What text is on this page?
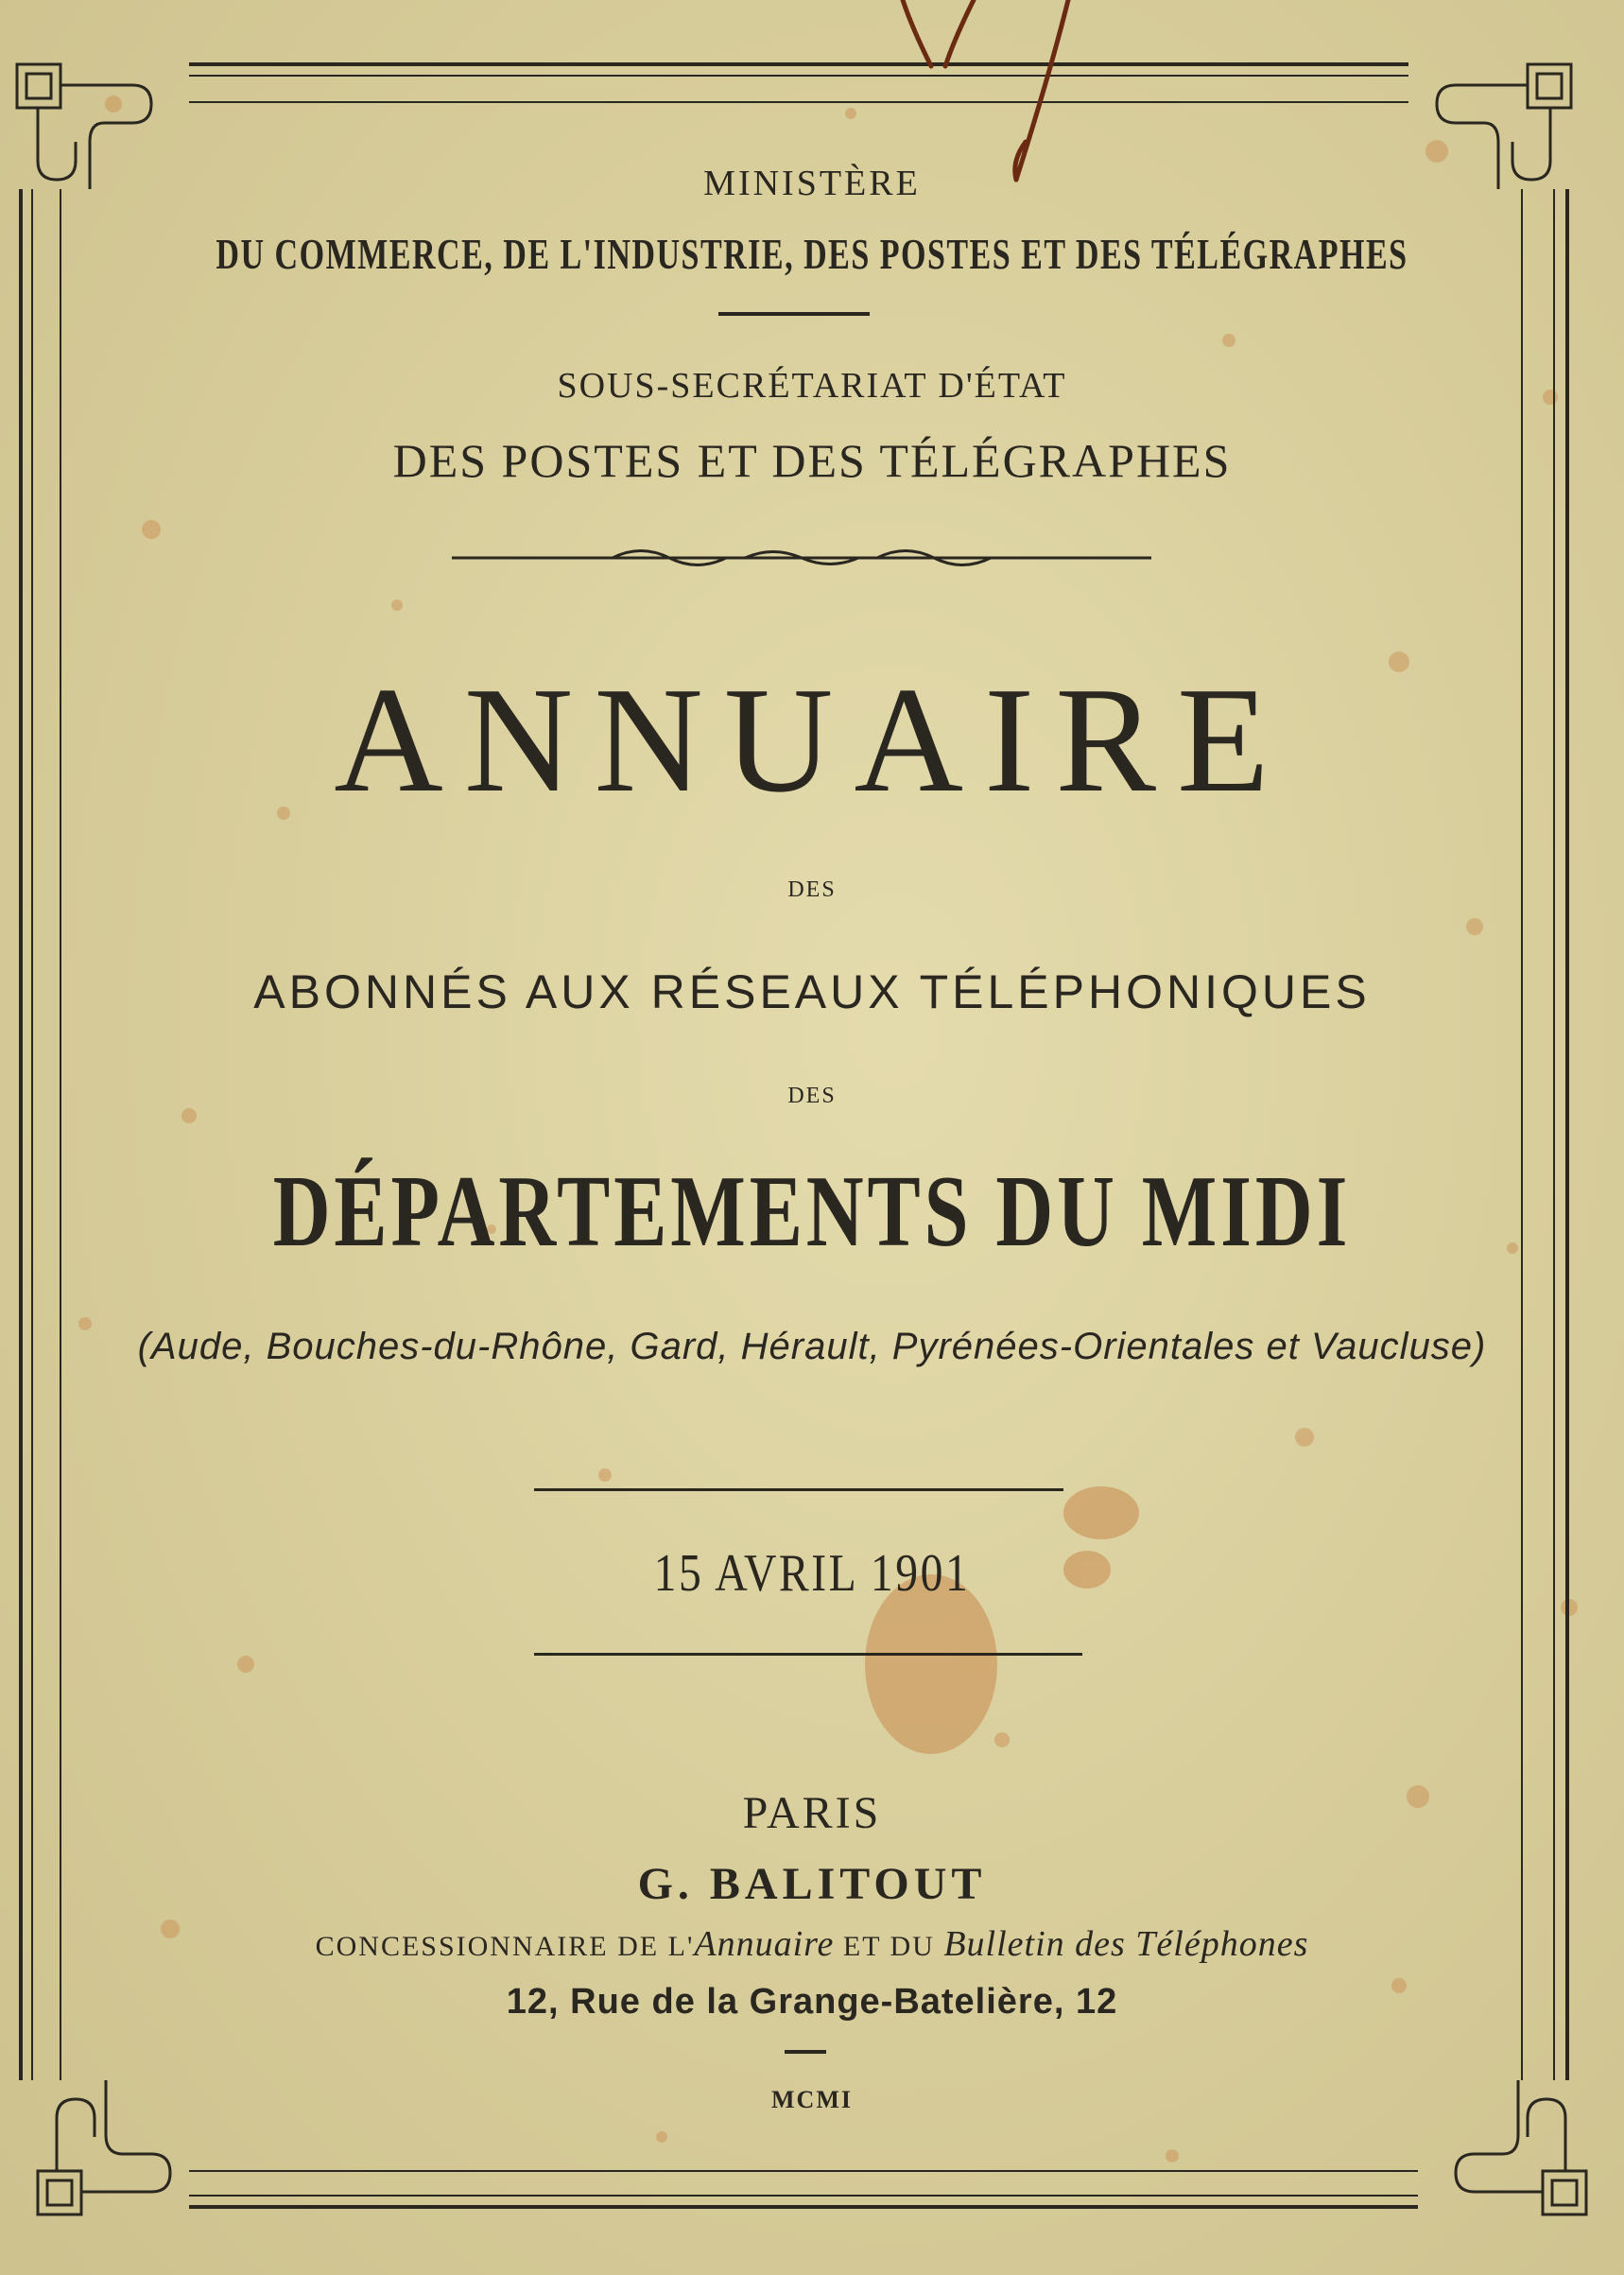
MINISTÈRE
DU COMMERCE, DE L'INDUSTRIE, DES POSTES ET DES TÉLÉGRAPHES
SOUS-SECRÉTARIAT D'ÉTAT
DES POSTES ET DES TÉLÉGRAPHES
ANNUAIRE
DES
ABONNÉS AUX RÉSEAUX TÉLÉPHONIQUES
DES
DÉPARTEMENTS DU MIDI
(Aude, Bouches-du-Rhône, Gard, Hérault, Pyrénées-Orientales et Vaucluse)
15 AVRIL 1901
PARIS
G. BALITOUT
CONCESSIONNAIRE DE L'Annuaire ET DU Bulletin des Téléphones
12, Rue de la Grange-Batelière, 12
MCMI
